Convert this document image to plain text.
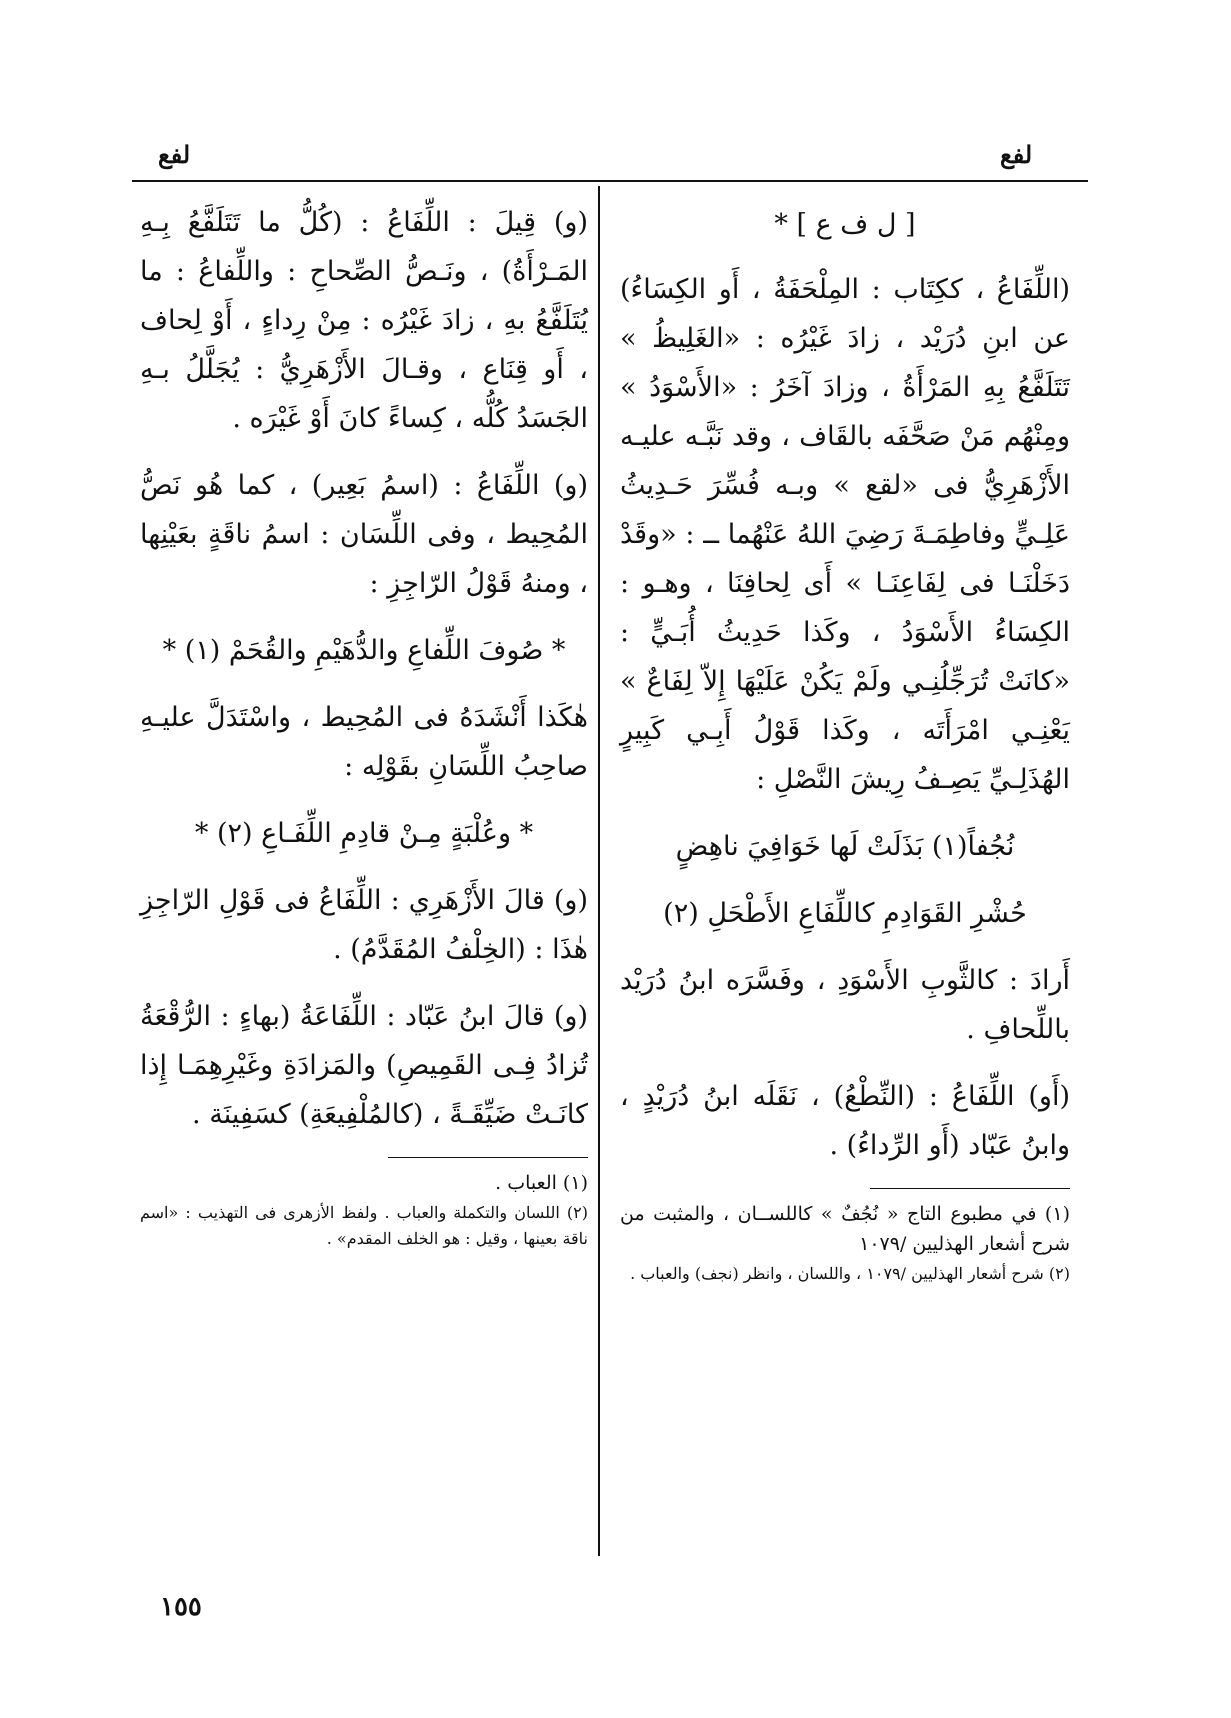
لفع
لفع
[ ل ف ع ] *

(اللِّفَاعُ ، ككِتَاب : المِلْحَفَةُ ، أَو الكِسَاءُ) عن ابنِ دُرَيْد ، زادَ غَيْرُه : «الغَلِيظُ » تَتَلَفَّعُ بِهِ المَرْأَةُ ، وزادَ آخَرُ : «الأَسْوَدُ » ومِنْهُم مَنْ صَحَّفَه بالقَاف ، وقد نَبَّـه عليـه الأَزْهَرِيُّ فى «لقع » وبـه فُسِّرَ حَـدِيثُ عَلِـيٍّ وفاطِمَـةَ رَضِيَ اللهُ عَنْهُما ــ : «وقَدْ دَخَلْنَـا فى لِفَاعِنَـا » أَى لِحافِنَا ، وهـو : الكِسَاءُ الأَسْوَدُ ، وكَذا حَدِيثُ أُبَـيٍّ : «كانَتْ تُرَجِّلُنِـي ولَمْ يَكُنْ عَلَيْهَا إِلاّ لِفَاعٌ » يَعْنِـي امْرَأَتَه ، وكَذا قَوْلُ أَبِـي كَبِيرٍ الهُذَلِـيِّ يَصِـفُ رِيشَ النَّصْلِ :

نُجُفاً(١) بَذَلَتْ لَها خَوَافِيَ ناهِضٍ
حُشْرِ القَوَادِمِ كاللِّفَاعِ الأَطْحَلِ (٢)

أَرادَ : كالثَّوبِ الأَسْوَدِ ، وفَسَّرَه ابنُ دُرَيْد باللِّحافِ .

(أَو) اللِّفَاعُ : (النِّطْعُ) ، نَقَلَه ابنُ دُرَيْدٍ ، وابنُ عَبّاد (أَو الرِّداءُ) .

(١) في مطبوع التاج « نُجُفٌ » كاللســان ، والمثبت من شرح أشعار الهذليين /١٠٧٩

(٢) شرح أشعار الهذليين /١٠٧٩ ، واللسان ، وانظر (نجف) والعباب .

(و) قِيلَ : اللِّفَاعُ : (كُلُّ ما تَتَلَفَّعُ بِـهِ المَـرْأَةُ) ، ونَـصُّ الصِّحاحِ : واللِّفاعُ : ما يُتَلَفَّعُ بهِ ، زادَ غَيْرُه : مِنْ رِداءٍ ، أَوْ لِحاف ، أَو قِنَاع ، وقـالَ الأَزْهَرِيُّ : يُجَلَّلُ بـهِ الجَسَدُ كُلُّه ، كِساءً كانَ أَوْ غَيْرَه .

(و) اللِّفَاعُ : (اسمُ بَعِير) ، كما هُو نَصُّ المُحِيط ، وفى اللِّسَان : اسمُ ناقَةٍ بعَيْنِها ، ومنهُ قَوْلُ الرّاجِزِ :

* صُوفَ اللِّفاعِ والدُّهَيْمِ والقُحَمْ (١) *

هٰكَذا أَنْشَدَهُ فى المُحِيط ، واسْتَدَلَّ عليـهِ صاحِبُ اللِّسَانِ بقَوْلِه :

* وعُلْبَةٍ مِـنْ قادِمِ اللِّفَـاعِ (٢) *

(و) قالَ الأَزْهَرِي : اللِّفَاعُ فى قَوْلِ الرّاجِزِ هٰذَا : (الخِلْفُ المُقَدَّمُ) .

(و) قالَ ابنُ عَبّاد : اللِّفَاعَةُ (بهاءٍ : الرُّقْعَةُ تُزادُ فِـى القَمِيصِ) والمَزادَةِ وغَيْرِهِمَـا إِذا كانَـتْ ضَيِّقَـةً ، (كالمُلْفِيعَةِ) كسَفِينَة .

(١) العباب .

(٢) اللسان والتكملة والعباب . ولفظ الأزهرى فى التهذيب : «اسم ناقة بعينها ، وقيل : هو الخلف المقدم» .

١٥٥
